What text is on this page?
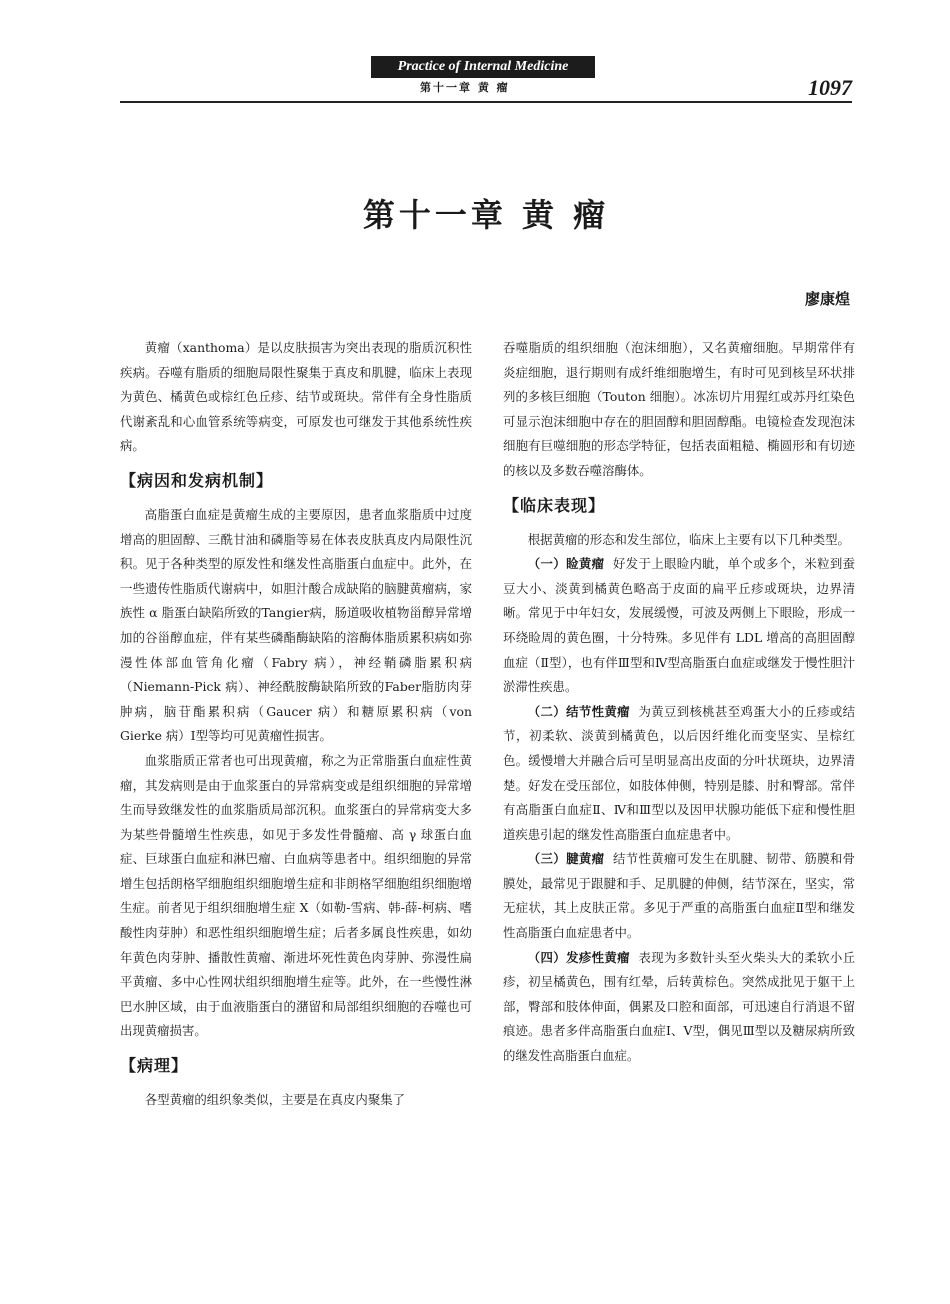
Practice of Internal Medicine
第十一章 黄 瘤	1097
第十一章 黄 瘤
廖康煌

黄瘤（xanthoma）是以皮肤损害为突出表现的脂质沉积性疾病。吞噬有脂质的细胞局限性聚集于真皮和肌腱，临床上表现为黄色、橘黄色或棕红色丘疹、结节或斑块。常伴有全身性脂质代谢紊乱和心血管系统等病变，可原发也可继发于其他系统性疾病。

【病因和发病机制】

高脂蛋白血症是黄瘤生成的主要原因，患者血浆脂质中过度增高的胆固醇、三酰甘油和磷脂等易在体表皮肤真皮内局限性沉积。见于各种类型的原发性和继发性高脂蛋白血症中。此外，在一些遗传性脂质代谢病中，如胆汁酸合成缺陷的脑腱黄瘤病，家族性 α 脂蛋白缺陷所致的Tangier病，肠道吸收植物甾醇异常增加的谷甾醇血症，伴有某些磷酯酶缺陷的溶酶体脂质累积病如弥漫性体部血管角化瘤（Fabry 病），神经鞘磷脂累积病（Niemann-Pick 病）、神经酰胺酶缺陷所致的Faber脂肪肉芽肿病，脑苷酯累积病（Gaucer 病）和糖原累积病（von Gierke 病）Ⅰ型等均可见黄瘤性损害。

血浆脂质正常者也可出现黄瘤，称之为正常脂蛋白血症性黄瘤，其发病则是由于血浆蛋白的异常病变或是组织细胞的异常增生而导致继发性的血浆脂质局部沉积。血浆蛋白的异常病变大多为某些骨髓增生性疾患，如见于多发性骨髓瘤、高 γ 球蛋白血症、巨球蛋白血症和淋巴瘤、白血病等患者中。组织细胞的异常增生包括朗格罕细胞组织细胞增生症和非朗格罕细胞组织细胞增生症。前者见于组织细胞增生症 X（如勒-雪病、韩-薛-柯病、嗜酸性肉芽肿）和恶性组织细胞增生症；后者多属良性疾患，如幼年黄色肉芽肿、播散性黄瘤、渐进坏死性黄色肉芽肿、弥漫性扁平黄瘤、多中心性网状组织细胞增生症等。此外，在一些慢性淋巴水肿区域，由于血液脂蛋白的潴留和局部组织细胞的吞噬也可出现黄瘤损害。

【病理】

各型黄瘤的组织象类似，主要是在真皮内聚集了

吞噬脂质的组织细胞（泡沫细胞），又名黄瘤细胞。早期常伴有炎症细胞，退行期则有成纤维细胞增生，有时可见到核呈环状排列的多核巨细胞（Touton 细胞）。冰冻切片用猩红或苏丹红染色可显示泡沫细胞中存在的胆固醇和胆固醇酯。电镜检查发现泡沫细胞有巨噬细胞的形态学特征，包括表面粗糙、椭圆形和有切迹的核以及多数吞噬溶酶体。

【临床表现】

根据黄瘤的形态和发生部位，临床上主要有以下几种类型。

（一）睑黄瘤 好发于上眼睑内眦，单个或多个，米粒到蚕豆大小、淡黄到橘黄色略高于皮面的扁平丘疹或斑块，边界清晰。常见于中年妇女，发展缓慢，可波及两侧上下眼睑，形成一环绕睑周的黄色圈，十分特殊。多见伴有 LDL 增高的高胆固醇血症（Ⅱ型），也有伴Ⅲ型和Ⅳ型高脂蛋白血症或继发于慢性胆汁淤滞性疾患。

（二）结节性黄瘤 为黄豆到核桃甚至鸡蛋大小的丘疹或结节，初柔软、淡黄到橘黄色，以后因纤维化而变坚实、呈棕红色。缓慢增大并融合后可呈明显高出皮面的分叶状斑块，边界清楚。好发在受压部位，如肢体伸侧，特别是膝、肘和臀部。常伴有高脂蛋白血症Ⅱ、Ⅳ和Ⅲ型以及因甲状腺功能低下症和慢性胆道疾患引起的继发性高脂蛋白血症患者中。

（三）腱黄瘤 结节性黄瘤可发生在肌腱、韧带、筋膜和骨膜处，最常见于跟腱和手、足肌腱的伸侧，结节深在，坚实，常无症状，其上皮肤正常。多见于严重的高脂蛋白血症Ⅱ型和继发性高脂蛋白血症患者中。

（四）发疹性黄瘤 表现为多数针头至火柴头大的柔软小丘疹，初呈橘黄色，围有红晕，后转黄棕色。突然成批见于躯干上部，臀部和肢体伸面，偶累及口腔和面部，可迅速自行消退不留痕迹。患者多伴高脂蛋白血症Ⅰ、Ⅴ型，偶见Ⅲ型以及糖尿病所致的继发性高脂蛋白血症。
